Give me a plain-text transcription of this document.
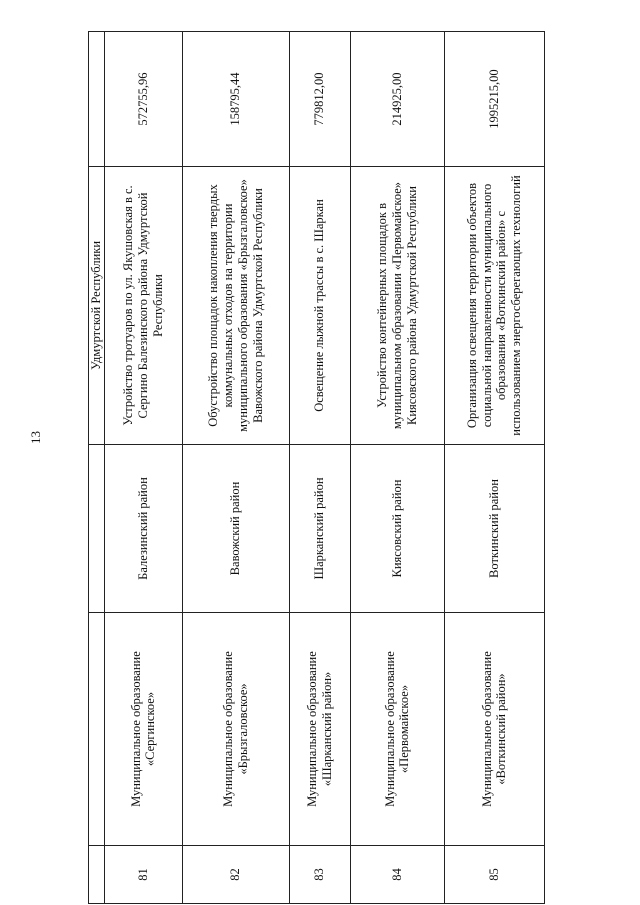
13
			Удмуртской Республики	
81	Муниципальное образование «Сергинское»	Балезинский район	Устройство тротуаров по ул. Якушовская в с. Сергино Балезинского района Удмуртской Республики	572755,96
82	Муниципальное образование «Брызгаловское»	Вавожский район	Обустройство площадок накопления твердых коммунальных отходов на территории муниципального образования «Брызгаловское» Вавожского района Удмуртской Республики	158795,44
83	Муниципальное образование «Шарканский район»	Шарканский район	Освещение лыжной трассы в с. Шаркан	779812,00
84	Муниципальное образование «Первомайское»	Киясовский район	Устройство контейнерных площадок в муниципальном образовании «Первомайское» Киясовского района Удмуртской Республики	214925,00
85	Муниципальное образование «Воткинский район»	Воткинский район	Организация освещения территории объектов социальной направленности муниципального образования «Воткинский район» с использованием энергосберегающих технологий	1995215,00
